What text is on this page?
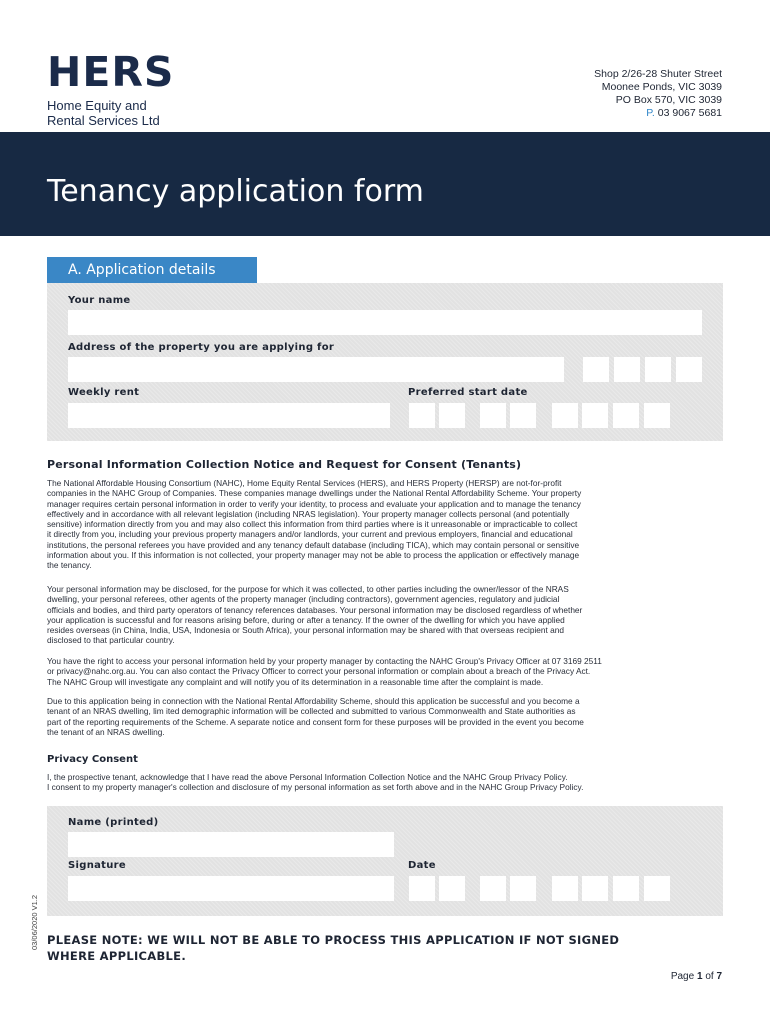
HERS
Home Equity and
Rental Services Ltd
Shop 2/26-28 Shuter Street
Moonee Ponds, VIC 3039
PO Box 570, VIC 3039
P. 03 9067 5681
Tenancy application form
A. Application details
Your name
Address of the property you are applying for
Weekly rent	Preferred start date
Personal Information Collection Notice and Request for Consent (Tenants)
The National Affordable Housing Consortium (NAHC), Home Equity Rental Services (HERS), and HERS Property (HERSP) are not-for-profit
companies in the NAHC Group of Companies. These companies manage dwellings under the National Rental Affordability Scheme. Your property
manager requires certain personal information in order to verify your identity, to process and evaluate your application and to manage the tenancy
effectively and in accordance with all relevant legislation (including NRAS legislation). Your property manager collects personal (and potentially
sensitive) information directly from you and may also collect this information from third parties where is it unreasonable or impracticable to collect
it directly from you, including your previous property managers and/or landlords, your current and previous employers, financial and educational
institutions, the personal referees you have provided and any tenancy default database (including TICA), which may contain personal or sensitive
information about you. If this information is not collected, your property manager may not be able to process the application or effectively manage
the tenancy.
Your personal information may be disclosed, for the purpose for which it was collected, to other parties including the owner/lessor of the NRAS
dwelling, your personal referees, other agents of the property manager (including contractors), government agencies, regulatory and judicial
officials and bodies, and third party operators of tenancy references databases. Your personal information may be disclosed regardless of whether
your application is successful and for reasons arising before, during or after a tenancy. If the owner of the dwelling for which you have applied
resides overseas (in China, India, USA, Indonesia or South Africa), your personal information may be shared with that overseas recipient and
disclosed to that particular country.
You have the right to access your personal information held by your property manager by contacting the NAHC Group's Privacy Officer at 07 3169 2511
or privacy@nahc.org.au. You can also contact the Privacy Officer to correct your personal information or complain about a breach of the Privacy Act.
The NAHC Group will investigate any complaint and will notify you of its determination in a reasonable time after the complaint is made.
Due to this application being in connection with the National Rental Affordability Scheme, should this application be successful and you become a
tenant of an NRAS dwelling, lim ited demographic information will be collected and submitted to various Commonwealth and State authorities as
part of the reporting requirements of the Scheme. A separate notice and consent form for these purposes will be provided in the event you become
the tenant of an NRAS dwelling.
Privacy Consent
I, the prospective tenant, acknowledge that I have read the above Personal Information Collection Notice and the NAHC Group Privacy Policy.
I consent to my property manager's collection and disclosure of my personal information as set forth above and in the NAHC Group Privacy Policy.
Name (printed)
Signature	Date
PLEASE NOTE: WE WILL NOT BE ABLE TO PROCESS THIS APPLICATION IF NOT SIGNED
WHERE APPLICABLE.
Page 1 of 7
03/06/2020 V1.2
